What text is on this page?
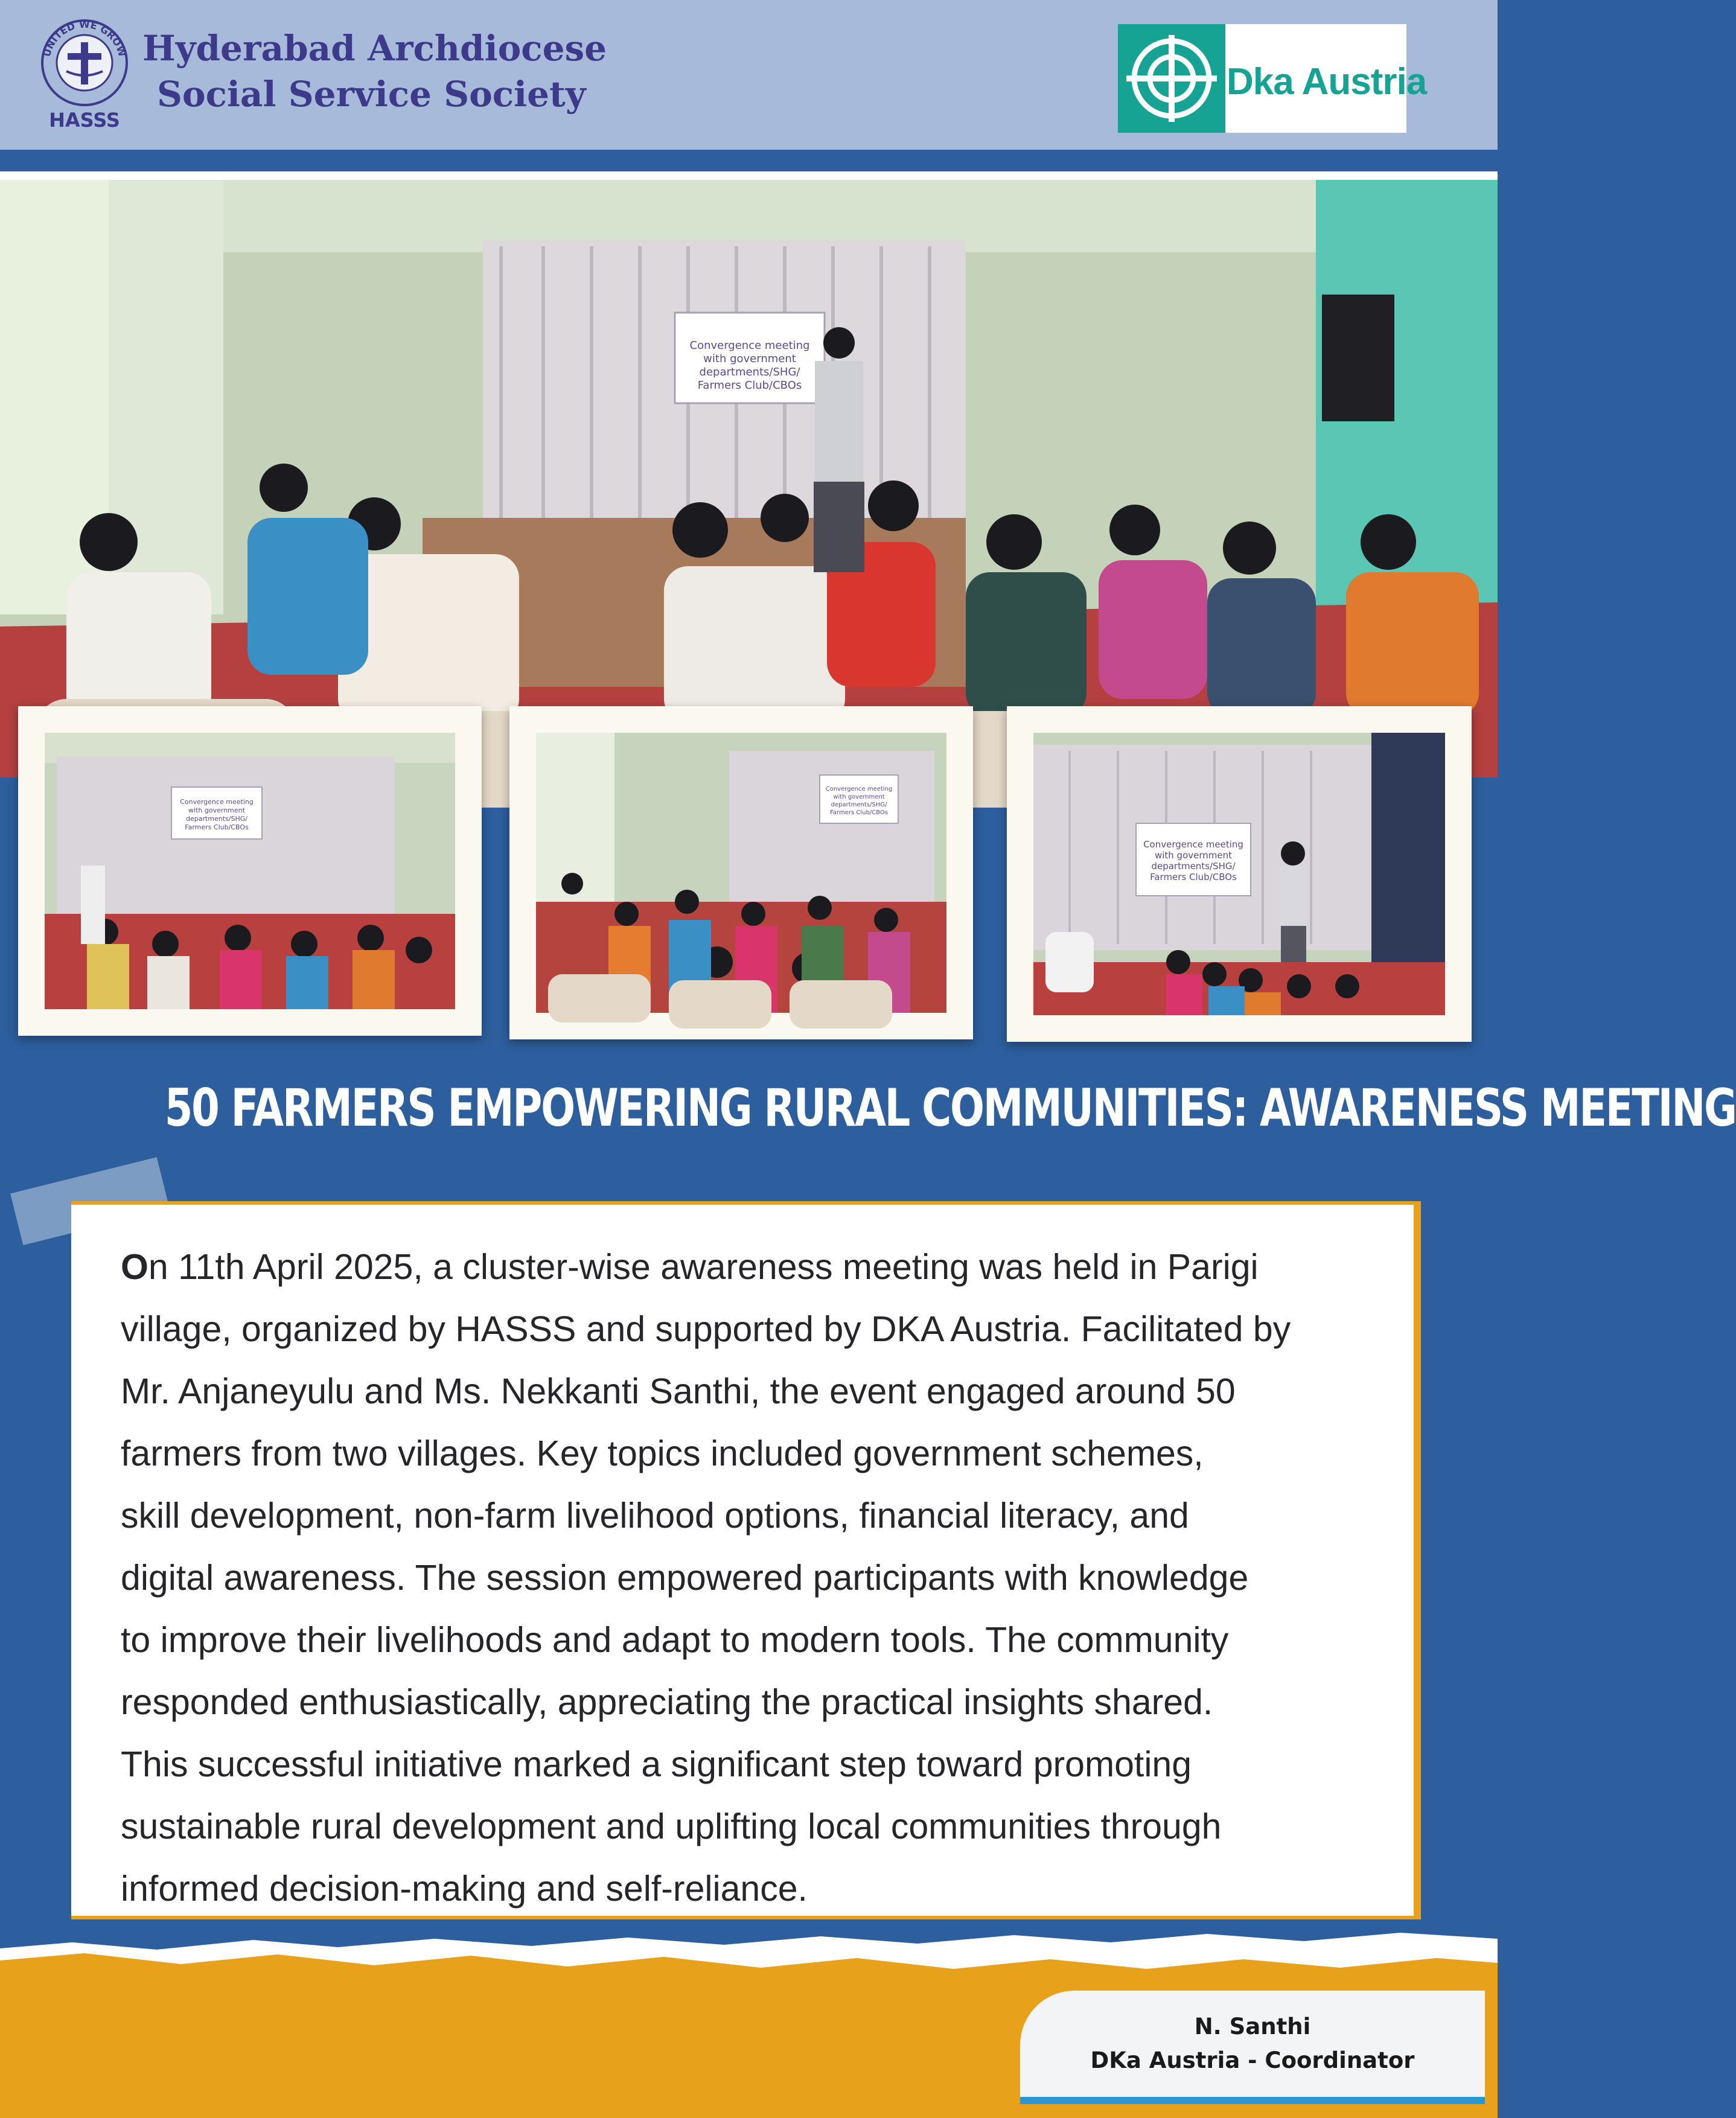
UNITED WE GROW
HASSS
Hyderabad Archdiocese
Social Service Society	Dka Austria
Convergence meeting
with government
departments/SHG/
Farmers Club/CBOs
Convergence meeting
with government
departments/SHG/
Farmers Club/CBOs
Convergence meeting
with government
departments/SHG/
Farmers Club/CBOs
Convergence meeting
with government
departments/SHG/
Farmers Club/CBOs
50 FARMERS EMPOWERING RURAL COMMUNITIES: AWARENESS MEETING
On 11th April 2025, a cluster-wise awareness meeting was held in Parigi
village, organized by HASSS and supported by DKA Austria. Facilitated by
Mr. Anjaneyulu and Ms. Nekkanti Santhi, the event engaged around 50
farmers from two villages. Key topics included government schemes,
skill development, non-farm livelihood options, financial literacy, and
digital awareness. The session empowered participants with knowledge
to improve their livelihoods and adapt to modern tools. The community
responded enthusiastically, appreciating the practical insights shared.
This successful initiative marked a significant step toward promoting
sustainable rural development and uplifting local communities through
informed decision-making and self-reliance.
N. Santhi
DKa Austria - Coordinator
